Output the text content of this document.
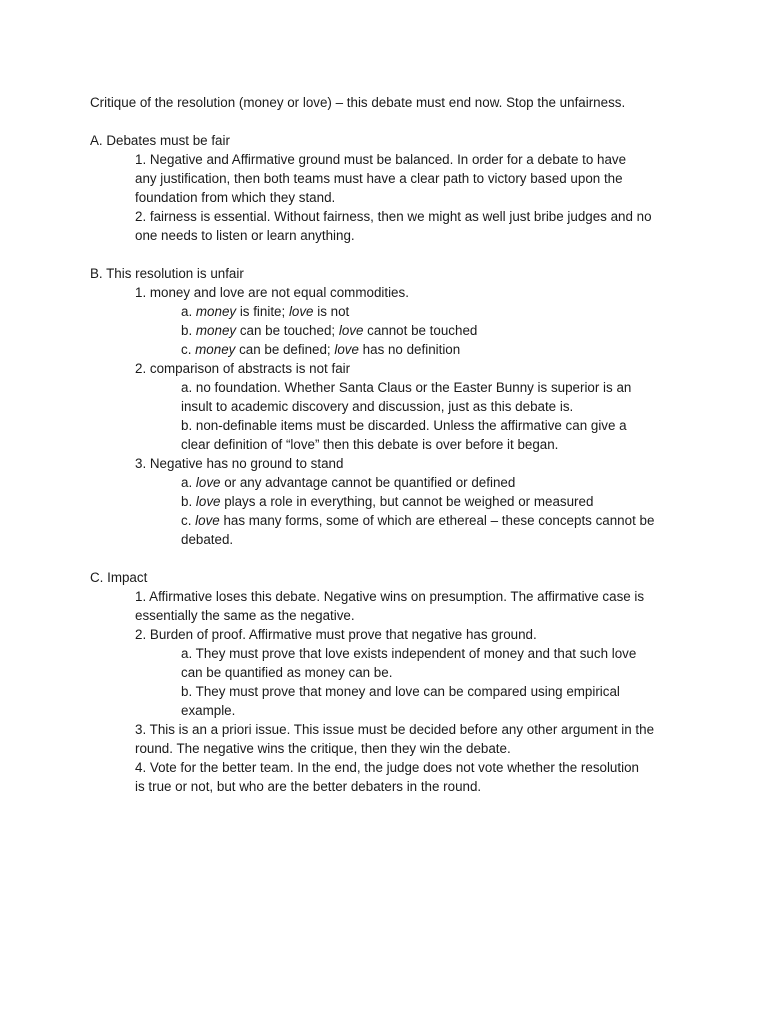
Critique of the resolution (money or love) – this debate must end now. Stop the unfairness.
A. Debates must be fair
1. Negative and Affirmative ground must be balanced. In order for a debate to have
any justification, then both teams must have a clear path to victory based upon the
foundation from which they stand.
2. fairness is essential. Without fairness, then we might as well just bribe judges and no
one needs to listen or learn anything.
B. This resolution is unfair
1. money and love are not equal commodities.
a. money is finite; love is not
b. money can be touched; love cannot be touched
c. money can be defined; love has no definition
2. comparison of abstracts is not fair
a. no foundation. Whether Santa Claus or the Easter Bunny is superior is an
insult to academic discovery and discussion, just as this debate is.
b. non-definable items must be discarded. Unless the affirmative can give a
clear definition of “love” then this debate is over before it began.
3. Negative has no ground to stand
a. love or any advantage cannot be quantified or defined
b. love plays a role in everything, but cannot be weighed or measured
c. love has many forms, some of which are ethereal – these concepts cannot be
debated.
C. Impact
1. Affirmative loses this debate. Negative wins on presumption. The affirmative case is
essentially the same as the negative.
2. Burden of proof. Affirmative must prove that negative has ground.
a. They must prove that love exists independent of money and that such love
can be quantified as money can be.
b. They must prove that money and love can be compared using empirical
example.
3. This is an a priori issue. This issue must be decided before any other argument in the
round. The negative wins the critique, then they win the debate.
4. Vote for the better team. In the end, the judge does not vote whether the resolution
is true or not, but who are the better debaters in the round.
